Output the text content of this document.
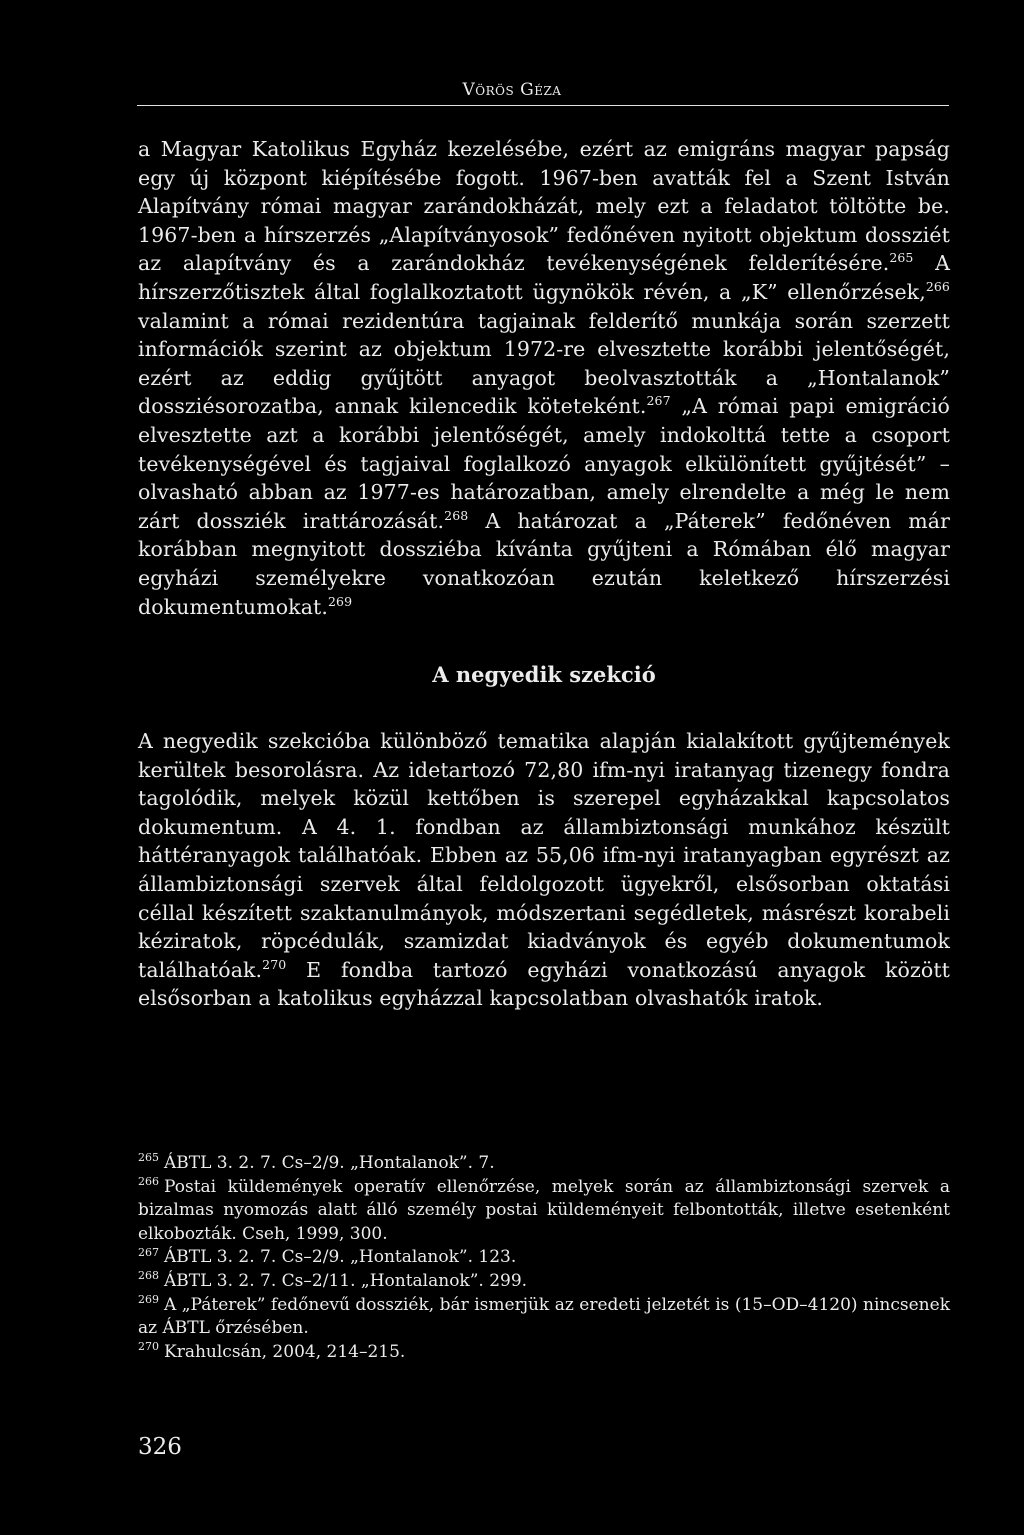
Vörös Géza

a Magyar Katolikus Egyház kezelésébe, ezért az emigráns magyar papság egy új központ kiépítésébe fogott. 1967-ben avatták fel a Szent István Alapítvány római magyar zarándokházát, mely ezt a feladatot töltötte be. 1967-ben a hírszerzés „Alapítványosok” fedőnéven nyitott objektum dossziét az alapítvány és a zarándokház tevékenységének felderítésére.$^{265}$ A hírszerzőtisztek által foglalkoztatott ügynökök révén, a „K” ellenőrzések,$^{266}$ valamint a római rezidentúra tagjainak felderítő munkája során szerzett információk szerint az objektum 1972-re elvesztette korábbi jelentőségét, ezért az eddig gyűjtött anyagot beolvasztották a „Hontalanok” dossziésorozatba, annak kilencedik köteteként.$^{267}$ „A római papi emigráció elvesztette azt a korábbi jelentőségét, amely indokolttá tette a csoport tevékenységével és tagjaival foglalkozó anyagok elkülönített gyűjtését” – olvasható abban az 1977-es határozatban, amely elrendelte a még le nem zárt dossziék irattározását.$^{268}$ A határozat a „Páterek” fedőnéven már korábban megnyitott dossziéba kívánta gyűjteni a Rómában élő magyar egyházi személyekre vonatkozóan ezután keletkező hírszerzési dokumentumokat.$^{269}$

A negyedik szekció

A negyedik szekcióba különböző tematika alapján kialakított gyűjtemények kerültek besorolásra. Az idetartozó 72,80 ifm-nyi iratanyag tizenegy fondra tagolódik, melyek közül kettőben is szerepel egyházakkal kapcsolatos dokumentum. A 4. 1. fondban az állambiztonsági munkához készült háttéranyagok találhatóak. Ebben az 55,06 ifm-nyi iratanyagban egyrészt az állambiztonsági szervek által feldolgozott ügyekről, elsősorban oktatási céllal készített szaktanulmányok, módszertani segédletek, másrészt korabeli kéziratok, röpcédulák, szamizdat kiadványok és egyéb dokumentumok találhatóak.$^{270}$ E fondba tartozó egyházi vonatkozású anyagok között elsősorban a katolikus egyházzal kapcsolatban olvashatók iratok.

$^{265}$ ÁBTL 3. 2. 7. Cs–2/9. „Hontalanok”. 7.

$^{266}$ Postai küldemények operatív ellenőrzése, melyek során az állambiztonsági szervek a bizalmas nyomozás alatt álló személy postai küldeményeit felbontották, illetve esetenként elkobozták. Cseh, 1999, 300.

$^{267}$ ÁBTL 3. 2. 7. Cs–2/9. „Hontalanok”. 123.

$^{268}$ ÁBTL 3. 2. 7. Cs–2/11. „Hontalanok”. 299.

$^{269}$ A „Páterek” fedőnevű dossziék, bár ismerjük az eredeti jelzetét is (15–OD–4120) nincsenek az ÁBTL őrzésében.

$^{270}$ Krahulcsán, 2004, 214–215.

326
